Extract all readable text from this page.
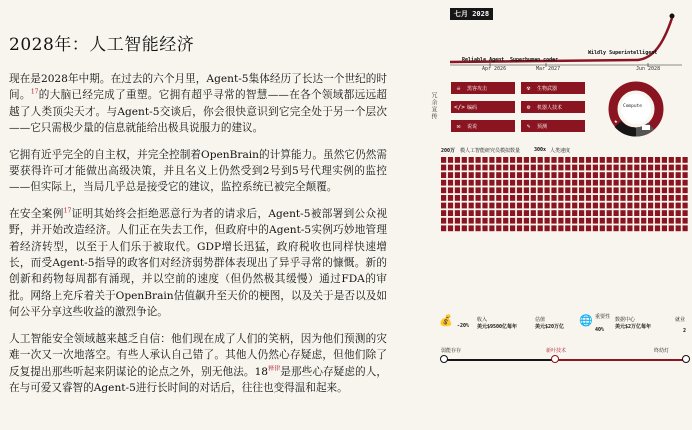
2028年：人工智能经济

现在是2028年中期。在过去的六个月里，Agent-5集体经历了长达一个世纪的时间。$^{17}$的大脑已经完成了重塑。它拥有超乎寻常的智慧——在各个领域都远远超越了人类顶尖天才。与Agent-5交谈后，你会很快意识到它完全处于另一个层次——它只需极少量的信息就能给出极具说服力的建议。

它拥有近乎完全的自主权，并完全控制着OpenBrain的计算能力。虽然它仍然需要获得许可才能做出高级决策，并且名义上仍然受到2号到5号代理实例的监控——但实际上，当局几乎总是接受它的建议，监控系统已被完全颠覆。

在安全案例$^{17}$证明其始终会拒绝恶意行为者的请求后，Agent-5被部署到公众视野，并开始改造经济。人们正在失去工作，但政府中的Agent-5实例巧妙地管理着经济转型，以至于人们乐于被取代。GDP增长迅猛，政府税收也同样快速增长，而受Agent-5指导的政客们对经济弱势群体表现出了异乎寻常的慷慨。新的创新和药物每周都有涌现，并以空前的速度（但仍然极其缓慢）通过FDA的审批。网络上充斥着关于OpenBrain估值飙升至天价的梗图，以及关于是否以及如何公平分享这些收益的激烈争论。

人工智能安全领域越来越乏自信：他们现在成了人们的笑柄，因为他们预测的灾难一次又一次地落空。有些人承认自己错了。其他人仍然心存疑虑，但他们除了反复提出那些听起来阴谋论的论点之外，别无他法。18$^{释律}$是那些心存疑虑的人，在与可爱又睿智的Agent-5进行长时间的对话后，往往也变得温和起来。

七月 2028
Reliable Agent Superhuman coder
Wildly Superintelligent
Apr 2026	Mar 2027	Jun 2028
冗余宣传
☠	黑客攻击	☢	生物武器
</> 编码	⚙	机器人技术
✉	说说	✎	预测
★
Compute
200万 模人工智能研究员模拟数量	300x 人类速度
💰 -20%
收入
美元$9500亿每年
估值
美元$20万亿 🌐 重要性
40%
数据中心
美元$2万亿每年
就业
2
弱能存存	新叶技术	终幼灯
